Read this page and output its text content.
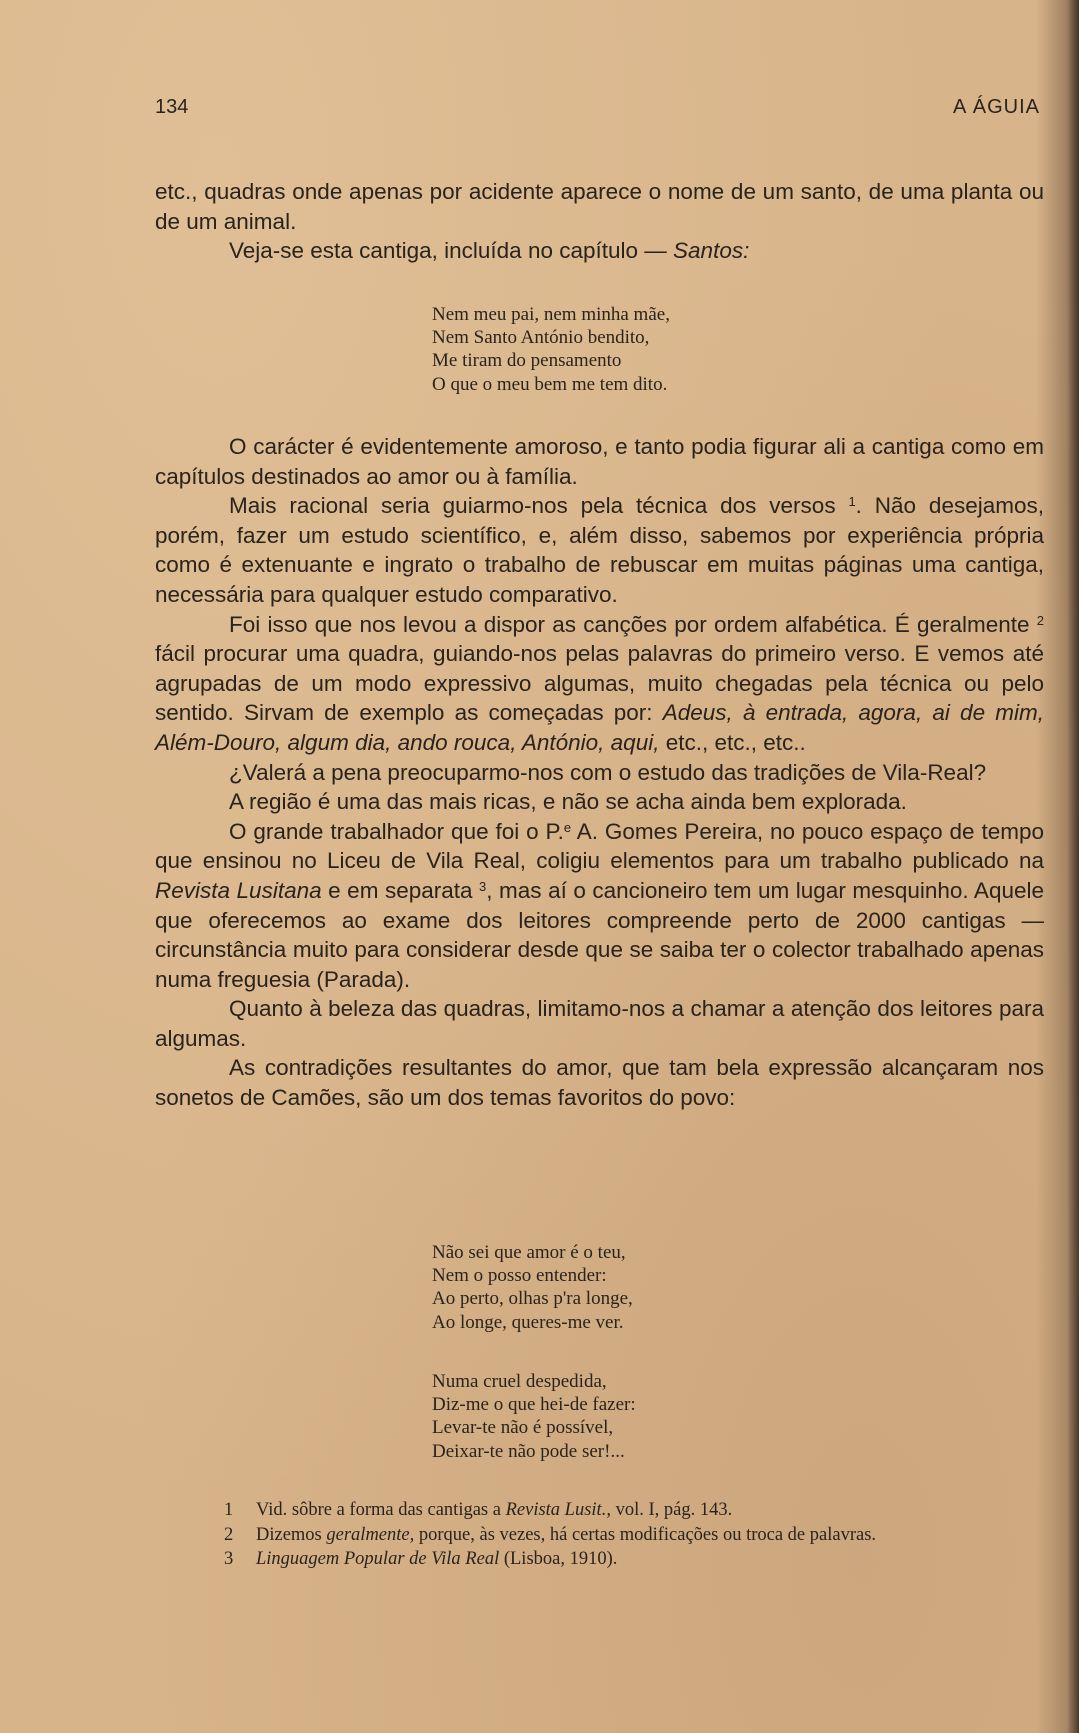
134	A ÁGUIA

etc., quadras onde apenas por acidente aparece o nome de um santo, de uma planta ou de um animal.

Veja-se esta cantiga, incluída no capítulo — Santos:

Nem meu pai, nem minha mãe,
Nem Santo António bendito,
Me tiram do pensamento
O que o meu bem me tem dito.

O carácter é evidentemente amoroso, e tanto podia figurar ali a cantiga como em capítulos destinados ao amor ou à família.

Mais racional seria guiarmo-nos pela técnica dos versos $^1$. Não desejamos, porém, fazer um estudo scientífico, e, além disso, sabemos por experiência própria como é extenuante e ingrato o trabalho de rebuscar em muitas páginas uma cantiga, necessária para qualquer estudo comparativo.

Foi isso que nos levou a dispor as canções por ordem alfabética. É geralmente $^2$ fácil procurar uma quadra, guiando-nos pelas palavras do primeiro verso. E vemos até agrupadas de um modo expressivo algumas, muito chegadas pela técnica ou pelo sentido. Sirvam de exemplo as começadas por: Adeus, à entrada, agora, ai de mim, Além-Douro, algum dia, ando rouca, António, aqui, etc., etc., etc..

¿Valerá a pena preocuparmo-nos com o estudo das tradições de Vila-Real?

A região é uma das mais ricas, e não se acha ainda bem explorada.

O grande trabalhador que foi o P.$^e$ A. Gomes Pereira, no pouco espaço de tempo que ensinou no Liceu de Vila Real, coligiu elementos para um trabalho publicado na Revista Lusitana e em separata $^3$, mas aí o cancioneiro tem um lugar mesquinho. Aquele que oferecemos ao exame dos leitores compreende perto de 2000 cantigas — circunstância muito para considerar desde que se saiba ter o colector trabalhado apenas numa freguesia (Parada).

Quanto à beleza das quadras, limitamo-nos a chamar a atenção dos leitores para algumas.

As contradições resultantes do amor, que tam bela expressão alcançaram nos sonetos de Camões, são um dos temas favoritos do povo:

Não sei que amor é o teu,
Nem o posso entender:
Ao perto, olhas p'ra longe,
Ao longe, queres-me ver.
Numa cruel despedida,
Diz-me o que hei-de fazer:
Levar-te não é possível,
Deixar-te não pode ser!...
1	Vid. sôbre a forma das cantigas a Revista Lusit., vol. I, pág. 143.
2	Dizemos geralmente, porque, às vezes, há certas modificações ou troca de palavras.
3	Linguagem Popular de Vila Real (Lisboa, 1910).
